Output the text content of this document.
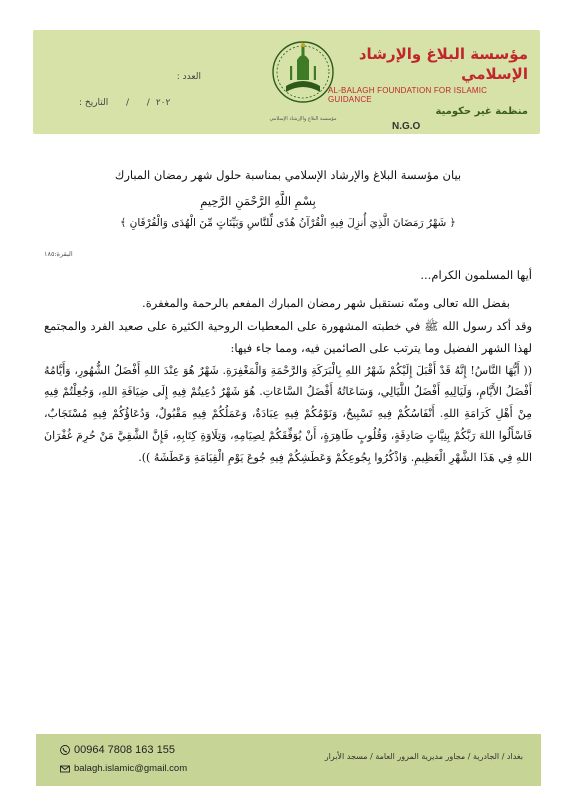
مؤسسة البلاغ والإرشاد الإسلامي
AL-BALAGH FOUNDATION FOR ISLAMIC GUIDANCE
منظمة غير حكومية
N.G.O
مؤسسة البلاغ والإرشاد الإسلامي
العدد :
التاريخ :
/
/ ٢٠٢

بيان مؤسسة البلاغ والإرشاد الإسلامي بمناسبة حلول شهر رمضان المبارك

بِسْمِ اللَّهِ الرَّحْمَنِ الرَّحِيمِ
﴿ شَهْرُ رَمَضَانَ الَّذِيَ أُنزِلَ فِيهِ الْقُرْآنُ هُدًى لِّلنَّاسِ وَبَيِّنَاتٍ مِّنَ الْهُدَى وَالْفُرْقَانِ ﴾
البقرة:١٨٥
أيها المسلمون الكرام...
بفضل الله تعالى ومنّه نستقبل شهر رمضان المبارك المفعم بالرحمة والمغفرة.
وقد أكد رسول الله ﷺ في خطبته المشهورة على المعطيات الروحية الكثيرة على صعيد الفرد والمجتمع لهذا الشهر الفضيل وما يترتب على الصائمين فيه، ومما جاء فيها:
(( أَيُّهَا النَّاسُ! إِنَّهُ قَدْ أَقْبَلَ إِلَيْكُمْ شَهْرُ اللهِ بِالْبَرَكَةِ وَالرَّحْمَةِ وَالْمَغْفِرَةِ. شَهْرٌ هُوَ عِنْدَ اللهِ أَفْضَلُ الشُّهُورِ، وَأَيَّامُهُ أَفْضَلُ الأَيَّامِ، وَلَيَالِيهِ أَفْضَلُ اللَّيَالِي، وَسَاعَاتُهُ أَفْضَلُ السَّاعَاتِ. هُوَ شَهْرٌ دُعِيتُمْ فِيهِ إِلَى ضِيَافَةِ اللهِ، وَجُعِلْتُمْ فِيهِ مِنْ أَهْلِ كَرَامَةِ اللهِ. أَنْفَاسُكُمْ فِيهِ تَسْبِيحٌ، وَنَوْمُكُمْ فِيهِ عِبَادَةٌ، وَعَمَلُكُمْ فِيهِ مَقْبُولٌ، وَدُعَاؤُكُمْ فِيهِ مُسْتَجَابٌ، فَاسْأَلُوا اللهَ رَبَّكُمْ بِنِيَّاتٍ صَادِقَةٍ، وَقُلُوبٍ طَاهِرَةٍ، أَنْ يُوَفِّقَكُمْ لِصِيَامِهِ، وَتِلَاوَةِ كِتَابِهِ، فَإِنَّ الشَّقِيَّ مَنْ حُرِمَ غُفْرَانَ اللهِ فِي هَذَا الشَّهْرِ الْعَظِيمِ. وَاذْكُرُوا بِجُوعِكُمْ وَعَطَشِكُمْ فِيهِ جُوعَ يَوْمِ الْقِيَامَةِ وَعَطَشَهُ )).
00964 7808 163 155
balagh.islamic@gmail.com
بغداد / الجادرية / مجاور مديرية المرور العامة / مسجد الأبرار
